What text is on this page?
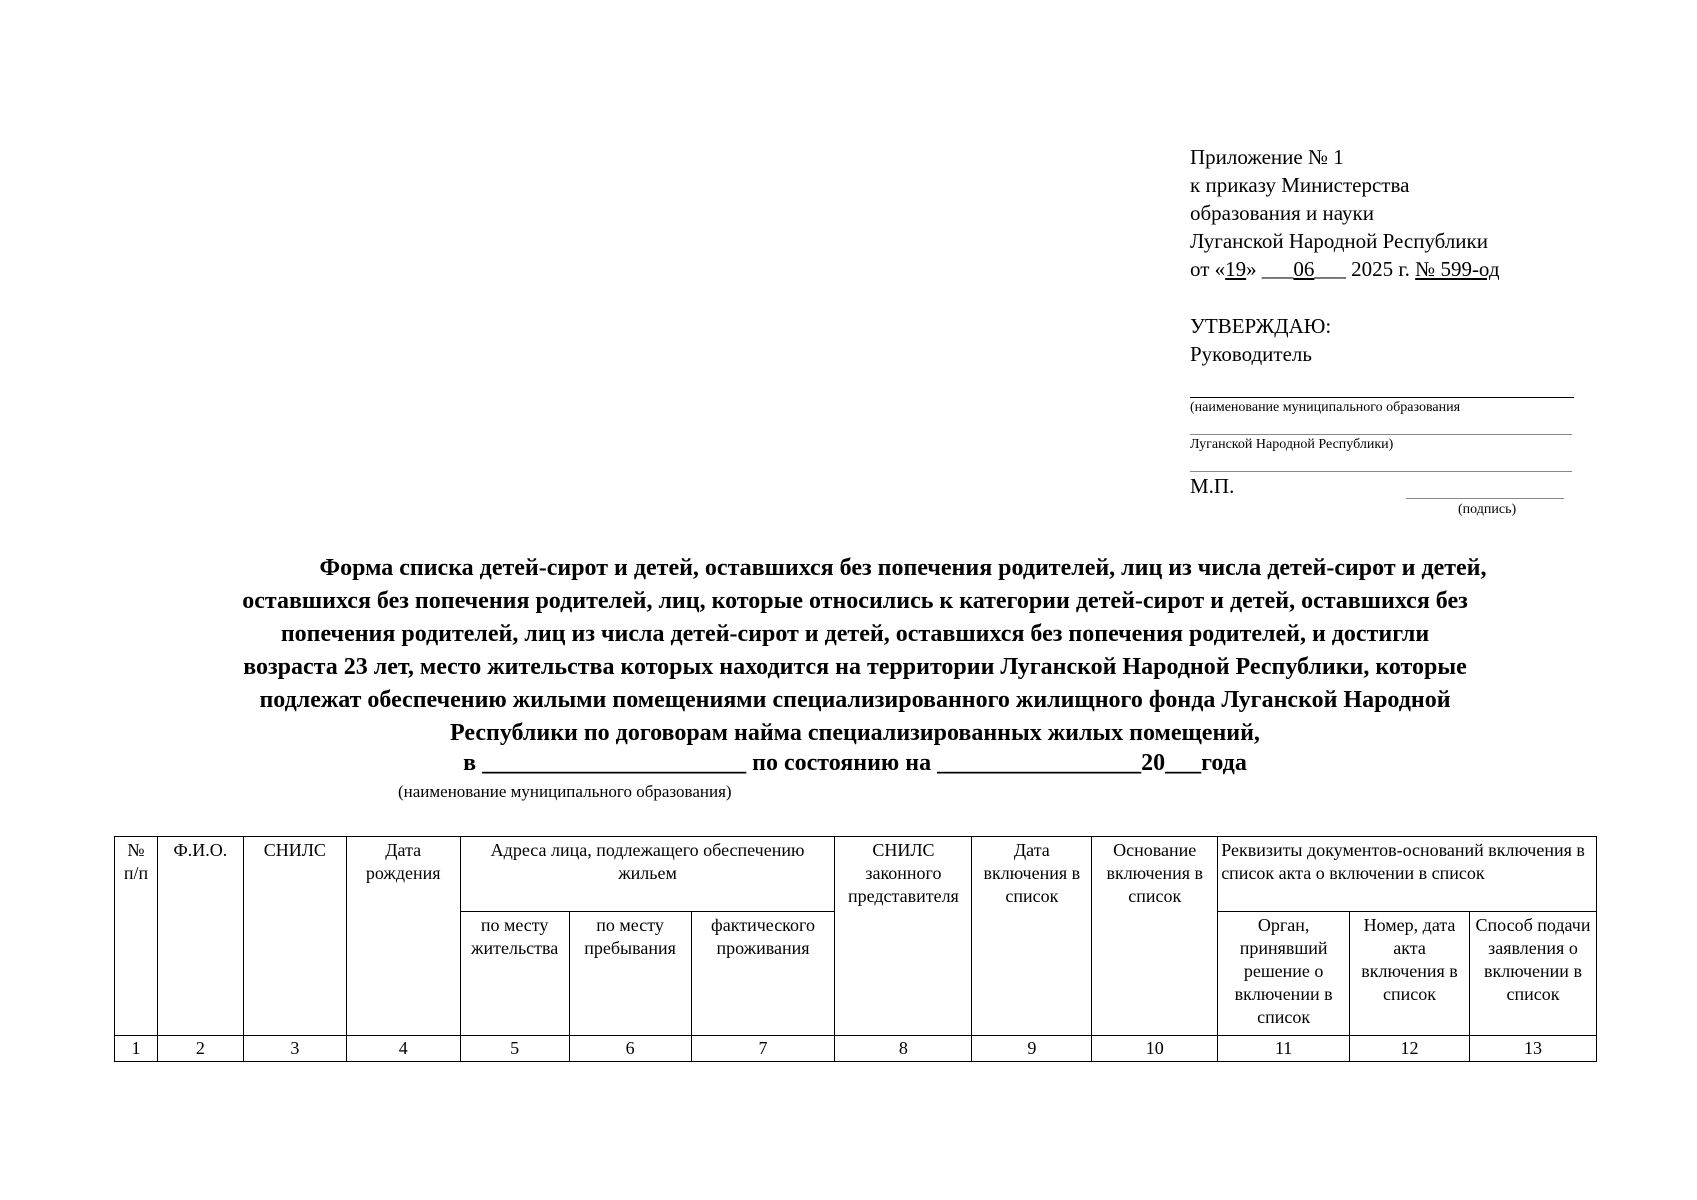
Приложение № 1
к приказу Министерства
образования и науки
Луганской Народной Республики
от «19» ___06___ 2025 г. № 599-од
УТВЕРЖДАЮ:
Руководитель
(наименование муниципального образования
Луганской Народной Республики)
М.П.
(подпись)
Форма списка детей-сирот и детей, оставшихся без попечения родителей, лиц из числа детей-сирот и детей,
оставшихся без попечения родителей, лиц, которые относились к категории детей-сирот и детей, оставшихся без
попечения родителей, лиц из числа детей-сирот и детей, оставшихся без попечения родителей, и достигли
возраста 23 лет, место жительства которых находится на территории Луганской Народной Республики, которые
подлежат обеспечению жилыми помещениями специализированного жилищного фонда Луганской Народной
Республики по договорам найма специализированных жилых помещений,
в ______________________ по состоянию на _________________20___года
(наименование муниципального образования)
№ п/п	Ф.И.О.	СНИЛС	Дата рождения	Адреса лица, подлежащего обеспечению жильем			СНИЛС законного представителя	Дата включения в список	Основание включения в список	Реквизиты документов-оснований включения в список акта о включении в список		
				по месту жительства	по месту пребывания	фактического проживания				Орган, принявший решение о включении в список	Номер, дата акта включения в список	Способ подачи заявления о включении в список
1	2	3	4	5	6	7	8	9	10	11	12	13
